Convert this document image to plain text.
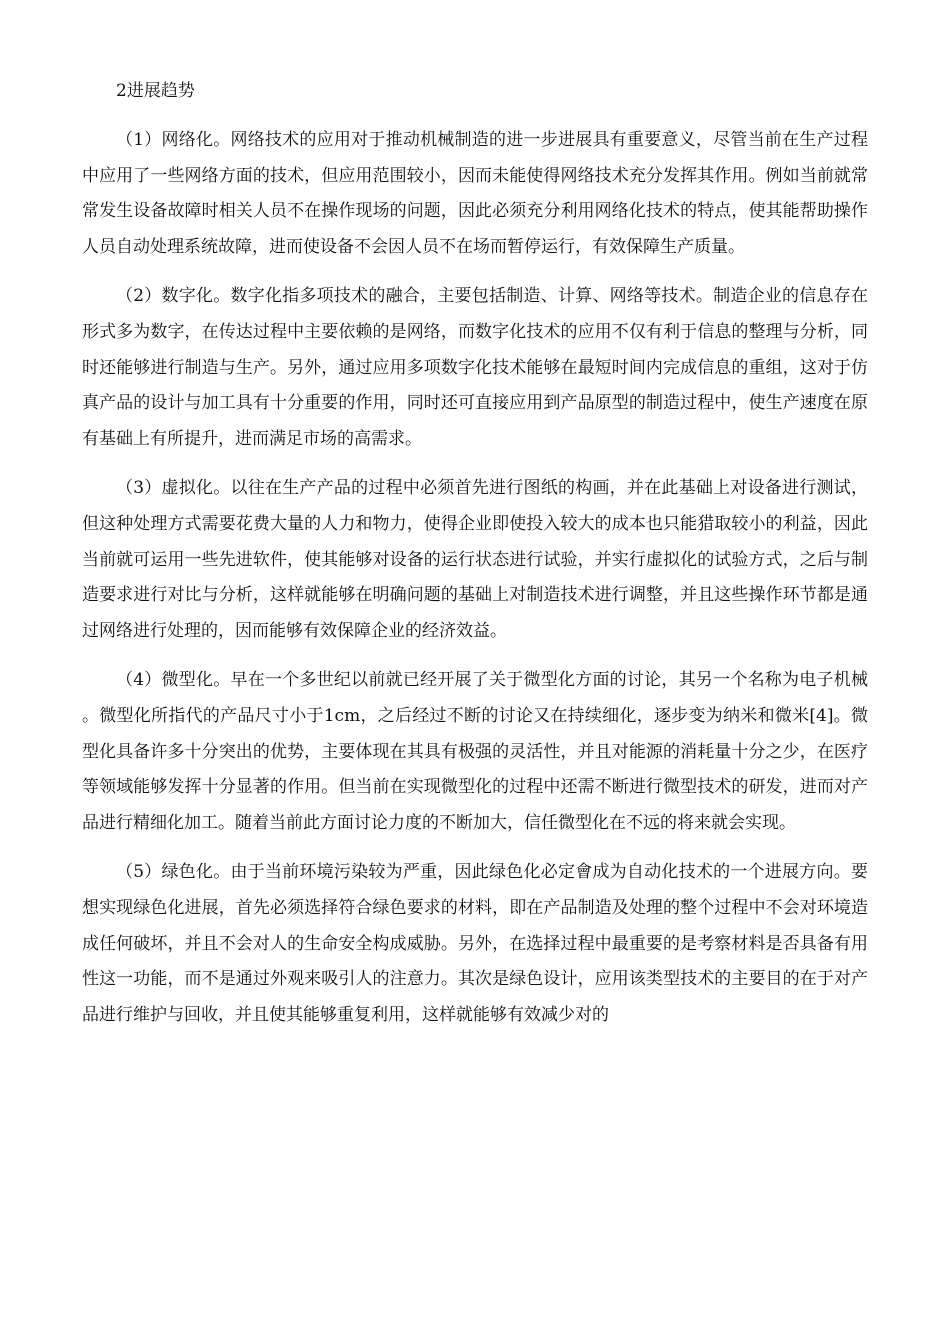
2进展趋势

（1）网络化。网络技术的应用对于推动机械制造的进一步进展具有重要意义，尽管当前在生产过程中应用了一些网络方面的技术，但应用范围较小，因而未能使得网络技术充分发挥其作用。例如当前就常常发生设备故障时相关人员不在操作现场的问题，因此必须充分利用网络化技术的特点，使其能帮助操作人员自动处理系统故障，进而使设备不会因人员不在场而暂停运行，有效保障生产质量。

（2）数字化。数字化指多项技术的融合，主要包括制造、计算、网络等技术。制造企业的信息存在形式多为数字，在传达过程中主要依赖的是网络，而数字化技术的应用不仅有利于信息的整理与分析，同时还能够进行制造与生产。另外，通过应用多项数字化技术能够在最短时间内完成信息的重组，这对于仿真产品的设计与加工具有十分重要的作用，同时还可直接应用到产品原型的制造过程中，使生产速度在原有基础上有所提升，进而满足市场的高需求。

（3）虚拟化。以往在生产产品的过程中必须首先进行图纸的构画，并在此基础上对设备进行测试，但这种处理方式需要花费大量的人力和物力，使得企业即使投入较大的成本也只能猎取较小的利益，因此当前就可运用一些先进软件，使其能够对设备的运行状态进行试验，并实行虚拟化的试验方式，之后与制造要求进行对比与分析，这样就能够在明确问题的基础上对制造技术进行调整，并且这些操作环节都是通过网络进行处理的，因而能够有效保障企业的经济效益。

（4）微型化。早在一个多世纪以前就已经开展了关于微型化方面的讨论，其另一个名称为电子机械。微型化所指代的产品尺寸小于1cm，之后经过不断的讨论又在持续细化，逐步变为纳米和微米[4]。微型化具备许多十分突出的优势，主要体现在其具有极强的灵活性，并且对能源的消耗量十分之少，在医疗等领域能够发挥十分显著的作用。但当前在实现微型化的过程中还需不断进行微型技术的研发，进而对产品进行精细化加工。随着当前此方面讨论力度的不断加大，信任微型化在不远的将来就会实现。

（5）绿色化。由于当前环境污染较为严重，因此绿色化必定會成为自动化技术的一个进展方向。要想实现绿色化进展，首先必须选择符合绿色要求的材料，即在产品制造及处理的整个过程中不会对环境造成任何破坏，并且不会对人的生命安全构成威胁。另外，在选择过程中最重要的是考察材料是否具备有用性这一功能，而不是通过外观来吸引人的注意力。其次是绿色设计，应用该类型技术的主要目的在于对产品进行维护与回收，并且使其能够重复利用，这样就能够有效减少对的
